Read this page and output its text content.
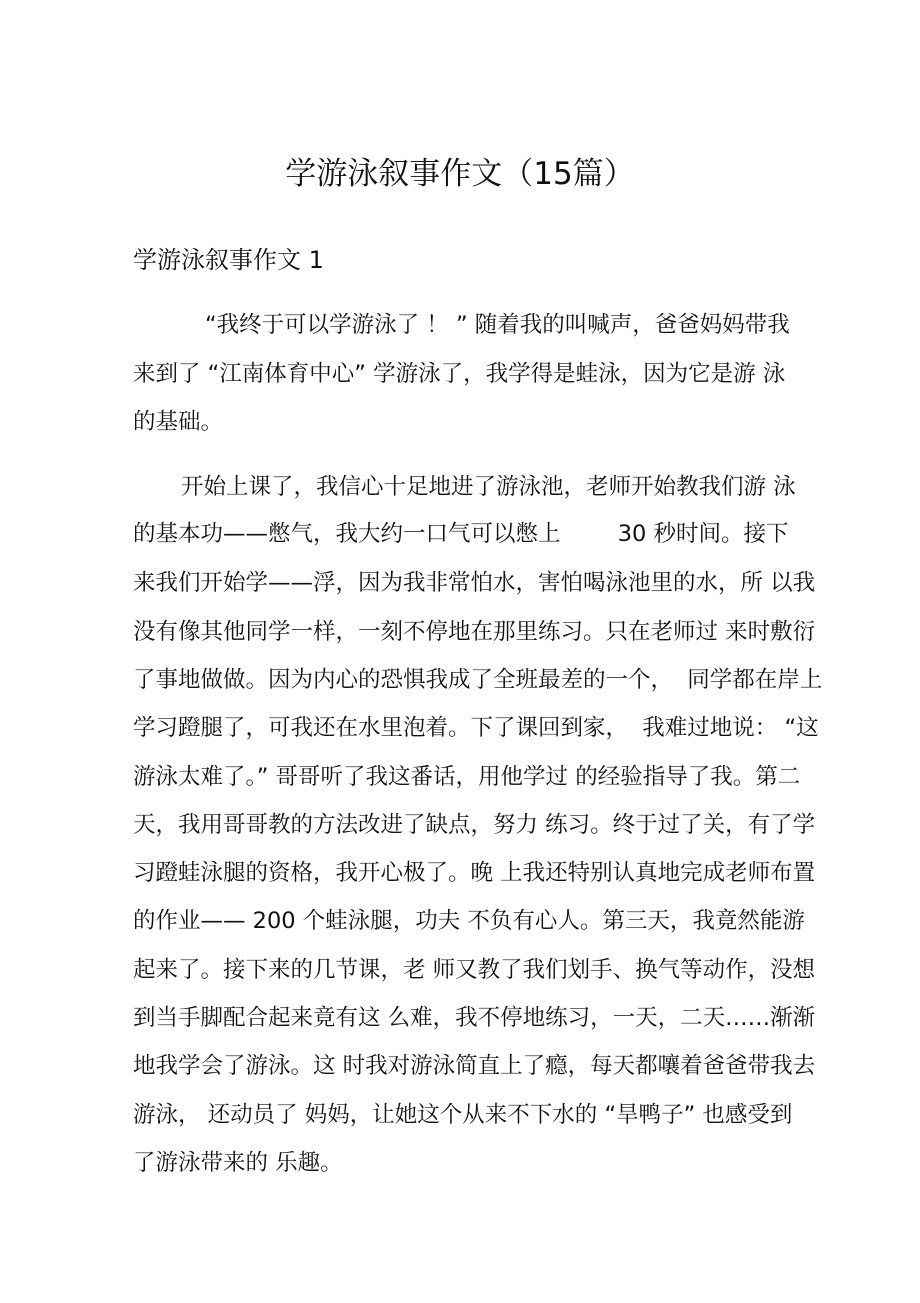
学游泳叙事作文（15篇）
学游泳叙事作文 1
“我终于可以学游泳了 ！ ” 随着我的叫喊声，爸爸妈妈带我
来到了 “江南体育中心” 学游泳了，我学得是蛙泳，因为它是游 泳
的基础。
开始上课了，我信心十足地进了游泳池，老师开始教我们游 泳
的基本功——憋气，我大约一口气可以憋上        30 秒时间。接下
来我们开始学——浮，因为我非常怕水，害怕喝泳池里的水，所 以我
没有像其他同学一样，一刻不停地在那里练习。只在老师过 来时敷衍
了事地做做。因为内心的恐惧我成了全班最差的一个，  同学都在岸上
学习蹬腿了，可我还在水里泡着。下了课回到家，  我难过地说： “这
游泳太难了。” 哥哥听了我这番话，用他学过 的经验指导了我。第二
天，我用哥哥教的方法改进了缺点，努力 练习。终于过了关，有了学
习蹬蛙泳腿的资格，我开心极了。晚 上我还特别认真地完成老师布置
的作业—— 200 个蛙泳腿，功夫 不负有心人。第三天，我竟然能游
起来了。接下来的几节课，老 师又教了我们划手、换气等动作，没想
到当手脚配合起来竟有这 么难，我不停地练习，一天，二天……渐渐
地我学会了游泳。这 时我对游泳简直上了瘾，每天都嚷着爸爸带我去
游泳， 还动员了 妈妈，让她这个从来不下水的 “旱鸭子” 也感受到
了游泳带来的 乐趣。
